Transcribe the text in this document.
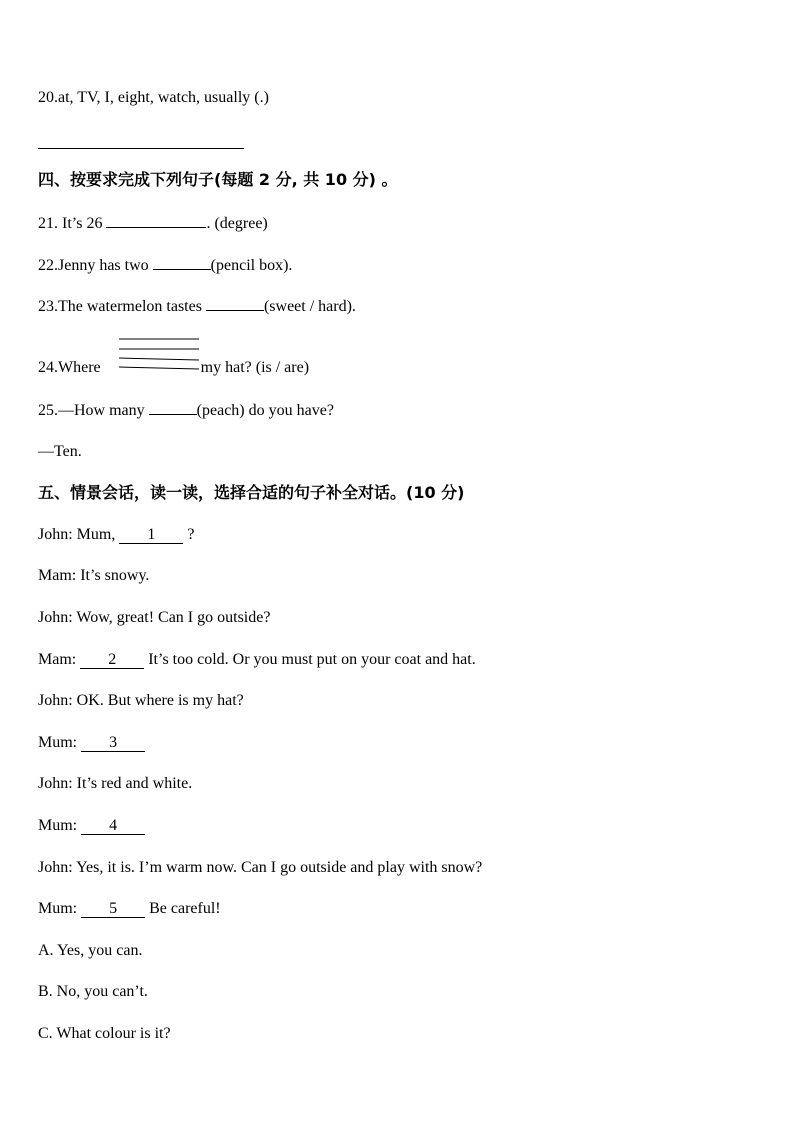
20.at, TV, I, eight, watch, usually (.)
四、按要求完成下列句子(每题 2 分, 共 10 分) 。
21. It’s 26	. (degree)
22.Jenny has two	(pencil box).
23.The watermelon tastes	(sweet / hard).
24.Where	my hat? (is / are)
25.—How many	(peach) do you have?
—Ten.
五、情景会话，读一读，选择合适的句子补全对话。(10 分)
John: Mum, 1 ?
Mam: It’s snowy.
John: Wow, great! Can I go outside?
Mam: 2 It’s too cold. Or you must put on your coat and hat.
John: OK. But where is my hat?
Mum: 3
John: It’s red and white.
Mum: 4
John: Yes, it is. I’m warm now. Can I go outside and play with snow?
Mum: 5 Be careful!
A. Yes, you can.
B. No, you can’t.
C. What colour is it?
